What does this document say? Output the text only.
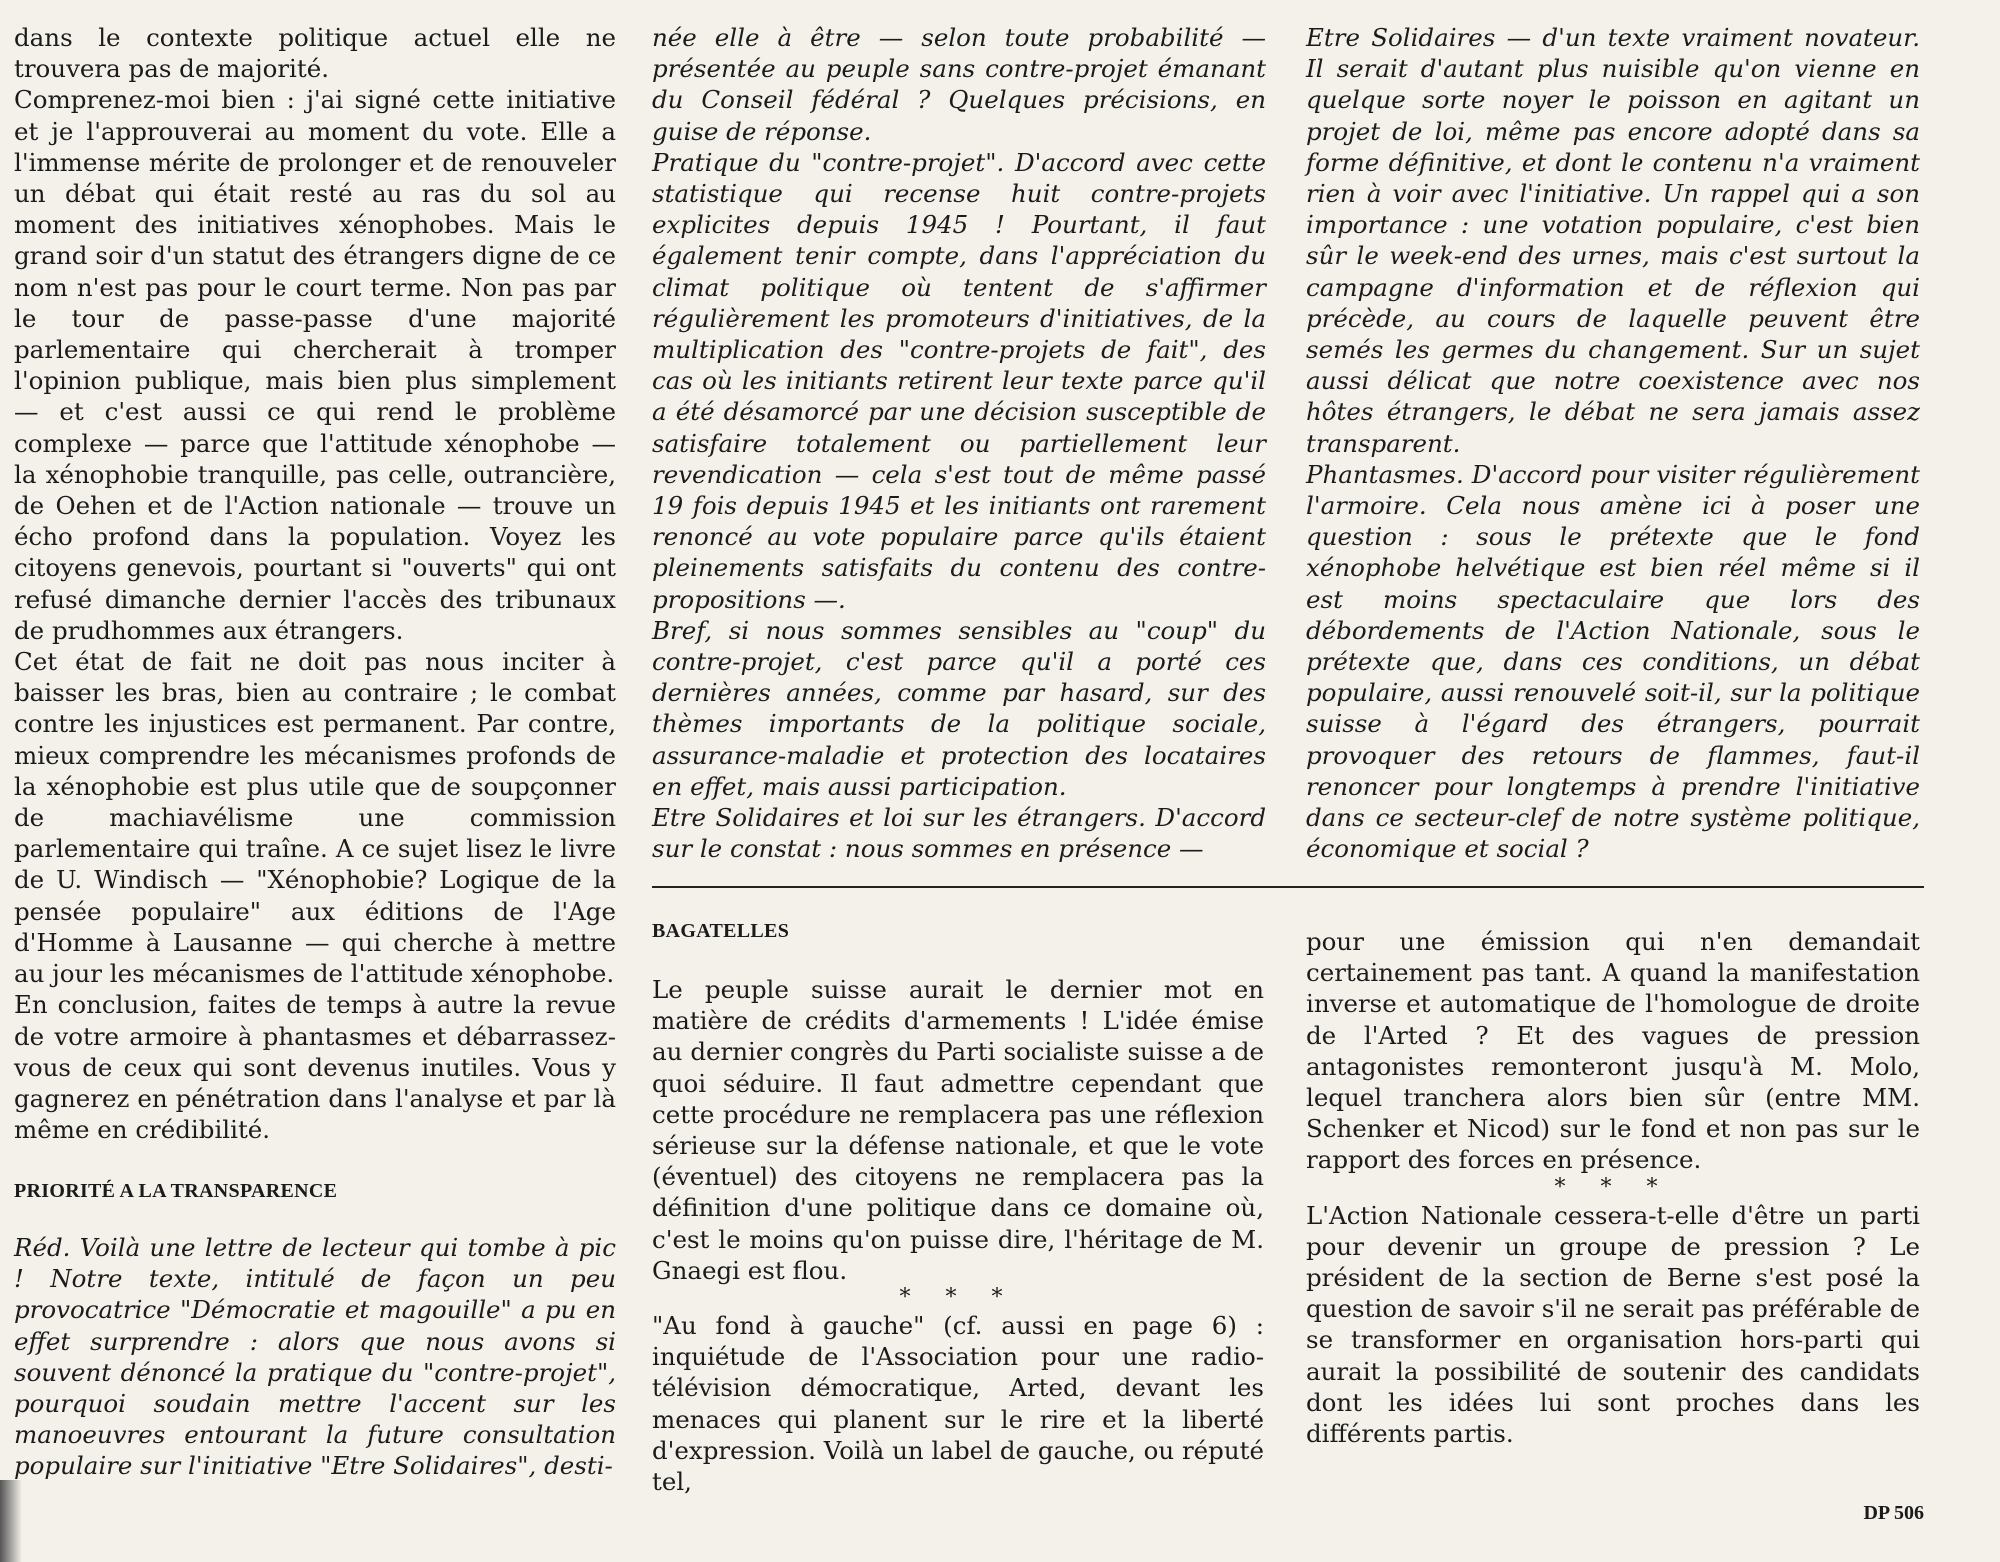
dans le contexte politique actuel elle ne trouvera pas de majorité.

Comprenez-moi bien : j'ai signé cette initiative et je l'approuverai au moment du vote. Elle a l'immense mérite de prolonger et de renouveler un débat qui était resté au ras du sol au moment des initiatives xénophobes. Mais le grand soir d'un statut des étrangers digne de ce nom n'est pas pour le court terme. Non pas par le tour de passe-passe d'une majorité parlementaire qui chercherait à tromper l'opinion publique, mais bien plus simplement — et c'est aussi ce qui rend le problème complexe — parce que l'attitude xénophobe — la xénophobie tranquille, pas celle, outrancière, de Oehen et de l'Action nationale — trouve un écho profond dans la population. Voyez les citoyens genevois, pourtant si "ouverts" qui ont refusé dimanche dernier l'accès des tribunaux de prudhommes aux étrangers.

Cet état de fait ne doit pas nous inciter à baisser les bras, bien au contraire ; le combat contre les injustices est permanent. Par contre, mieux comprendre les mécanismes profonds de la xénophobie est plus utile que de soupçonner de machiavélisme une commission parlementaire qui traîne. A ce sujet lisez le livre de U. Windisch — "Xénophobie? Logique de la pensée populaire" aux éditions de l'Age d'Homme à Lausanne — qui cherche à mettre au jour les mécanismes de l'attitude xénophobe.

En conclusion, faites de temps à autre la revue de votre armoire à phantasmes et débarrassez-vous de ceux qui sont devenus inutiles. Vous y gagnerez en pénétration dans l'analyse et par là même en crédibilité.

PRIORITÉ A LA TRANSPARENCE

Réd. Voilà une lettre de lecteur qui tombe à pic ! Notre texte, intitulé de façon un peu provocatrice "Démocratie et magouille" a pu en effet surprendre : alors que nous avons si souvent dénoncé la pratique du "contre-projet", pourquoi soudain mettre l'accent sur les manoeuvres entourant la future consultation populaire sur l'initiative "Etre Solidaires", desti-

née elle à être — selon toute probabilité — présentée au peuple sans contre-projet émanant du Conseil fédéral ? Quelques précisions, en guise de réponse.

Pratique du "contre-projet". D'accord avec cette statistique qui recense huit contre-projets explicites depuis 1945 ! Pourtant, il faut également tenir compte, dans l'appréciation du climat politique où tentent de s'affirmer régulièrement les promoteurs d'initiatives, de la multiplication des "contre-projets de fait", des cas où les initiants retirent leur texte parce qu'il a été désamorcé par une décision susceptible de satisfaire totalement ou partiellement leur revendication — cela s'est tout de même passé 19 fois depuis 1945 et les initiants ont rarement renoncé au vote populaire parce qu'ils étaient pleinements satisfaits du contenu des contre-propositions —.

Bref, si nous sommes sensibles au "coup" du contre-projet, c'est parce qu'il a porté ces dernières années, comme par hasard, sur des thèmes importants de la politique sociale, assurance-maladie et protection des locataires en effet, mais aussi participation.

Etre Solidaires et loi sur les étrangers. D'accord sur le constat : nous sommes en présence —

Etre Solidaires — d'un texte vraiment novateur. Il serait d'autant plus nuisible qu'on vienne en quelque sorte noyer le poisson en agitant un projet de loi, même pas encore adopté dans sa forme définitive, et dont le contenu n'a vraiment rien à voir avec l'initiative. Un rappel qui a son importance : une votation populaire, c'est bien sûr le week-end des urnes, mais c'est surtout la campagne d'information et de réflexion qui précède, au cours de laquelle peuvent être semés les germes du changement. Sur un sujet aussi délicat que notre coexistence avec nos hôtes étrangers, le débat ne sera jamais assez transparent.

Phantasmes. D'accord pour visiter régulièrement l'armoire. Cela nous amène ici à poser une question : sous le prétexte que le fond xénophobe helvétique est bien réel même si il est moins spectaculaire que lors des débordements de l'Action Nationale, sous le prétexte que, dans ces conditions, un débat populaire, aussi renouvelé soit-il, sur la politique suisse à l'égard des étrangers, pourrait provoquer des retours de flammes, faut-il renoncer pour longtemps à prendre l'initiative dans ce secteur-clef de notre système politique, économique et social ?

BAGATELLES

Le peuple suisse aurait le dernier mot en matière de crédits d'armements ! L'idée émise au dernier congrès du Parti socialiste suisse a de quoi séduire. Il faut admettre cependant que cette procédure ne remplacera pas une réflexion sérieuse sur la défense nationale, et que le vote (éventuel) des citoyens ne remplacera pas la définition d'une politique dans ce domaine où, c'est le moins qu'on puisse dire, l'héritage de M. Gnaegi est flou.

* * *

"Au fond à gauche" (cf. aussi en page 6) : inquiétude de l'Association pour une radio-télévision démocratique, Arted, devant les menaces qui planent sur le rire et la liberté d'expression. Voilà un label de gauche, ou réputé tel,

pour une émission qui n'en demandait certainement pas tant. A quand la manifestation inverse et automatique de l'homologue de droite de l'Arted ? Et des vagues de pression antagonistes remonteront jusqu'à M. Molo, lequel tranchera alors bien sûr (entre MM. Schenker et Nicod) sur le fond et non pas sur le rapport des forces en présence.

* * *

L'Action Nationale cessera-t-elle d'être un parti pour devenir un groupe de pression ? Le président de la section de Berne s'est posé la question de savoir s'il ne serait pas préférable de se transformer en organisation hors-parti qui aurait la possibilité de soutenir des candidats dont les idées lui sont proches dans les différents partis.

DP 506
